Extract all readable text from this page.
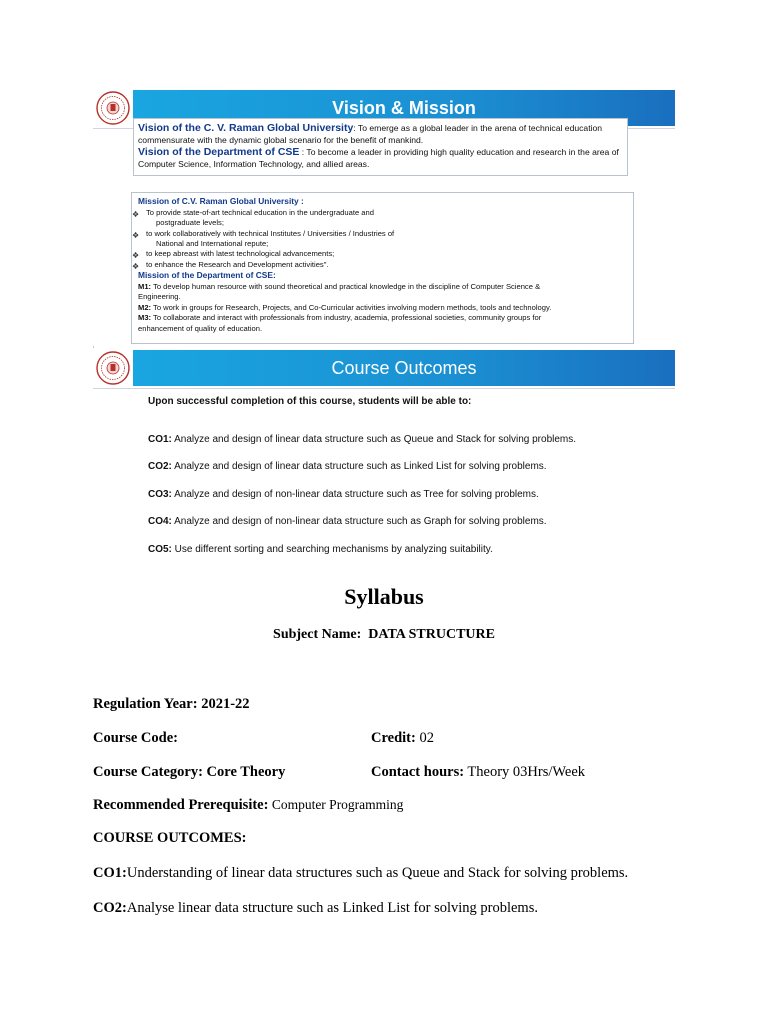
Vision & Mission

Vision of the C. V. Raman Global University: To emerge as a global leader in the arena of technical education commensurate with the dynamic global scenario for the benefit of mankind.

Vision of the Department of CSE : To become a leader in providing high quality education and research in the area of Computer Science, Information Technology, and allied areas.

Mission of C.V. Raman Global University :
❖ To provide state-of-art technical education in the undergraduate and
postgraduate levels;
❖ to work collaboratively with technical Institutes / Universities / Industries of
National and International repute;
❖ to keep abreast with latest technological advancements;
❖ to enhance the Research and Development activities".
Mission of the Department of CSE:
M1: To develop human resource with sound theoretical and practical knowledge in the discipline of Computer Science &
Engineering.
M2: To work in groups for Research, Projects, and Co-Curricular activities involving modern methods, tools and technology.
M3: To collaborate and interact with professionals from industry, academia, professional societies, community groups for
enhancement of quality of education.
Course Outcomes
Upon successful completion of this course, students will be able to:
CO1: Analyze and design of linear data structure such as Queue and Stack for solving problems.
CO2: Analyze and design of linear data structure such as Linked List for solving problems.
CO3: Analyze and design of non-linear data structure such as Tree for solving problems.
CO4: Analyze and design of non-linear data structure such as Graph for solving problems.
CO5: Use different sorting and searching mechanisms by analyzing suitability.
Syllabus
Subject Name: DATA STRUCTURE
Regulation Year: 2021-22
Course Code:	Credit: 02
Course Category: Core Theory	Contact hours: Theory 03Hrs/Week
Recommended Prerequisite: Computer Programming
COURSE OUTCOMES:
CO1:Understanding of linear data structures such as Queue and Stack for solving problems.
CO2:Analyse linear data structure such as Linked List for solving problems.
